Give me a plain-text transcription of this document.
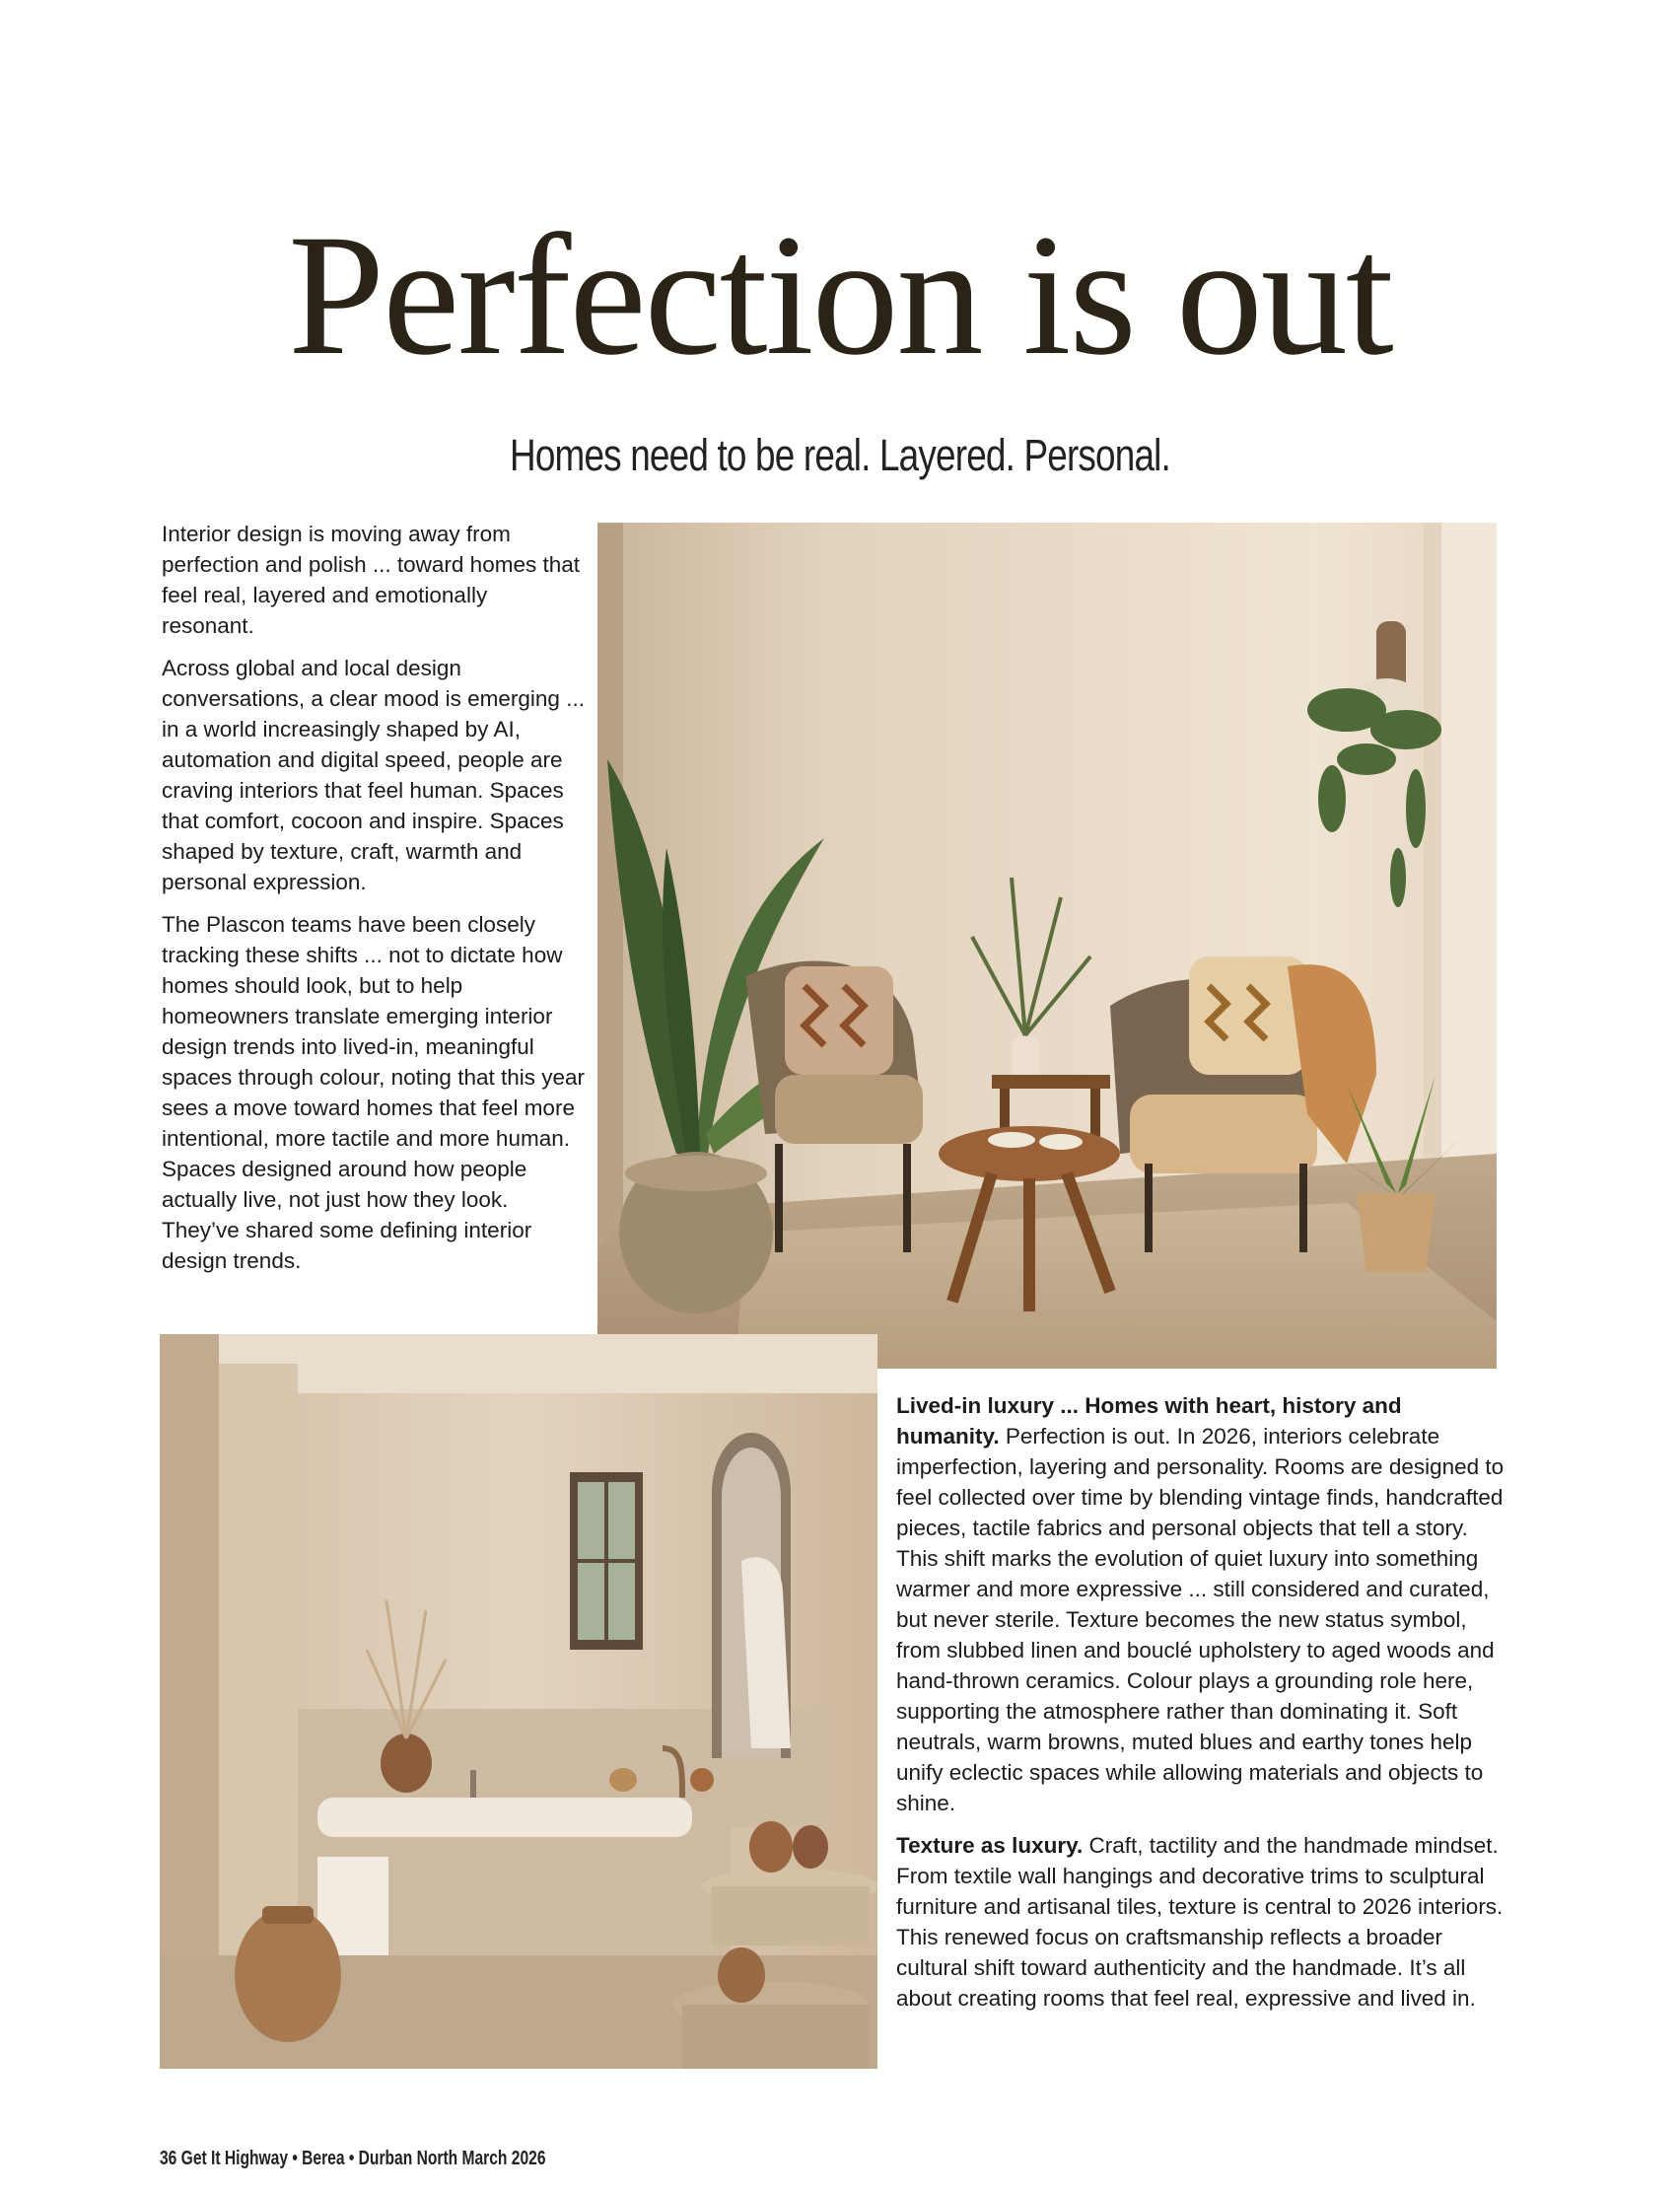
Perfection is out
Homes need to be real. Layered. Personal.

Interior design is moving away from perfection and polish ... toward homes that feel real, layered and emotionally resonant.

Across global and local design conversations, a clear mood is emerging ... in a world increasingly shaped by AI, automation and digital speed, people are craving interiors that feel human. Spaces that comfort, cocoon and inspire. Spaces shaped by texture, craft, warmth and personal expression.

The Plascon teams have been closely tracking these shifts ... not to dictate how homes should look, but to help homeowners translate emerging interior design trends into lived-in, meaningful spaces through colour, noting that this year sees a move toward homes that feel more intentional, more tactile and more human. Spaces designed around how people actually live, not just how they look. They’ve shared some defining interior design trends.

Lived-in luxury ... Homes with heart, history and humanity. Perfection is out. In 2026, interiors celebrate imperfection, layering and personality. Rooms are designed to feel collected over time by blending vintage finds, handcrafted pieces, tactile fabrics and personal objects that tell a story. This shift marks the evolution of quiet luxury into something warmer and more expressive ... still considered and curated, but never sterile. Texture becomes the new status symbol, from slubbed linen and bouclé upholstery to aged woods and hand-thrown ceramics. Colour plays a grounding role here, supporting the atmosphere rather than dominating it. Soft neutrals, warm browns, muted blues and earthy tones help unify eclectic spaces while allowing materials and objects to shine.

Texture as luxury. Craft, tactility and the handmade mindset. From textile wall hangings and decorative trims to sculptural furniture and artisanal tiles, texture is central to 2026 interiors. This renewed focus on craftsmanship reflects a broader cultural shift toward authenticity and the handmade. It’s all about creating rooms that feel real, expressive and lived in.

36 Get It Highway • Berea • Durban North March 2026
